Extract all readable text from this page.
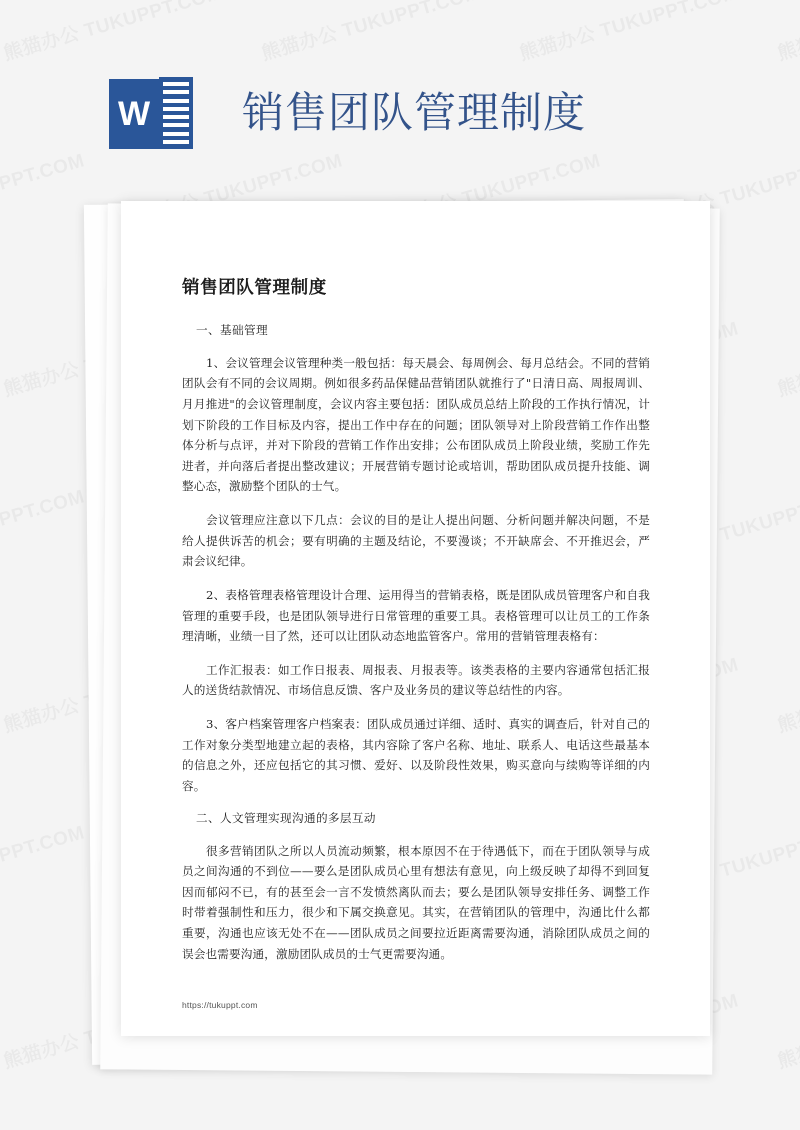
W 销售团队管理制度
销售团队管理制度

一、基础管理

1、会议管理会议管理种类一般包括：每天晨会、每周例会、每月总结会。不同的营销团队会有不同的会议周期。例如很多药品保健品营销团队就推行了"日清日高、周报周训、月月推进"的会议管理制度，会议内容主要包括：团队成员总结上阶段的工作执行情况，计划下阶段的工作目标及内容，提出工作中存在的问题；团队领导对上阶段营销工作作出整体分析与点评，并对下阶段的营销工作作出安排；公布团队成员上阶段业绩，奖励工作先进者，并向落后者提出整改建议；开展营销专题讨论或培训，帮助团队成员提升技能、调整心态，激励整个团队的士气。

会议管理应注意以下几点：会议的目的是让人提出问题、分析问题并解决问题，不是给人提供诉苦的机会；要有明确的主题及结论，不要漫谈；不开缺席会、不开推迟会，严肃会议纪律。

2、表格管理表格管理设计合理、运用得当的营销表格，既是团队成员管理客户和自我管理的重要手段，也是团队领导进行日常管理的重要工具。表格管理可以让员工的工作条理清晰，业绩一目了然，还可以让团队动态地监管客户。常用的营销管理表格有：

工作汇报表：如工作日报表、周报表、月报表等。该类表格的主要内容通常包括汇报人的送货结款情况、市场信息反馈、客户及业务员的建议等总结性的内容。

3、客户档案管理客户档案表：团队成员通过详细、适时、真实的调查后，针对自己的工作对象分类型地建立起的表格，其内容除了客户名称、地址、联系人、电话这些最基本的信息之外，还应包括它的其习惯、爱好、以及阶段性效果，购买意向与续购等详细的内容。

二、人文管理实现沟通的多层互动

很多营销团队之所以人员流动频繁，根本原因不在于待遇低下，而在于团队领导与成员之间沟通的不到位——要么是团队成员心里有想法有意见，向上级反映了却得不到回复因而郁闷不已，有的甚至会一言不发愤然离队而去；要么是团队领导安排任务、调整工作时带着强制性和压力，很少和下属交换意见。其实，在营销团队的管理中，沟通比什么都重要，沟通也应该无处不在——团队成员之间要拉近距离需要沟通，消除团队成员之间的误会也需要沟通，激励团队成员的士气更需要沟通。

https://tukuppt.com
